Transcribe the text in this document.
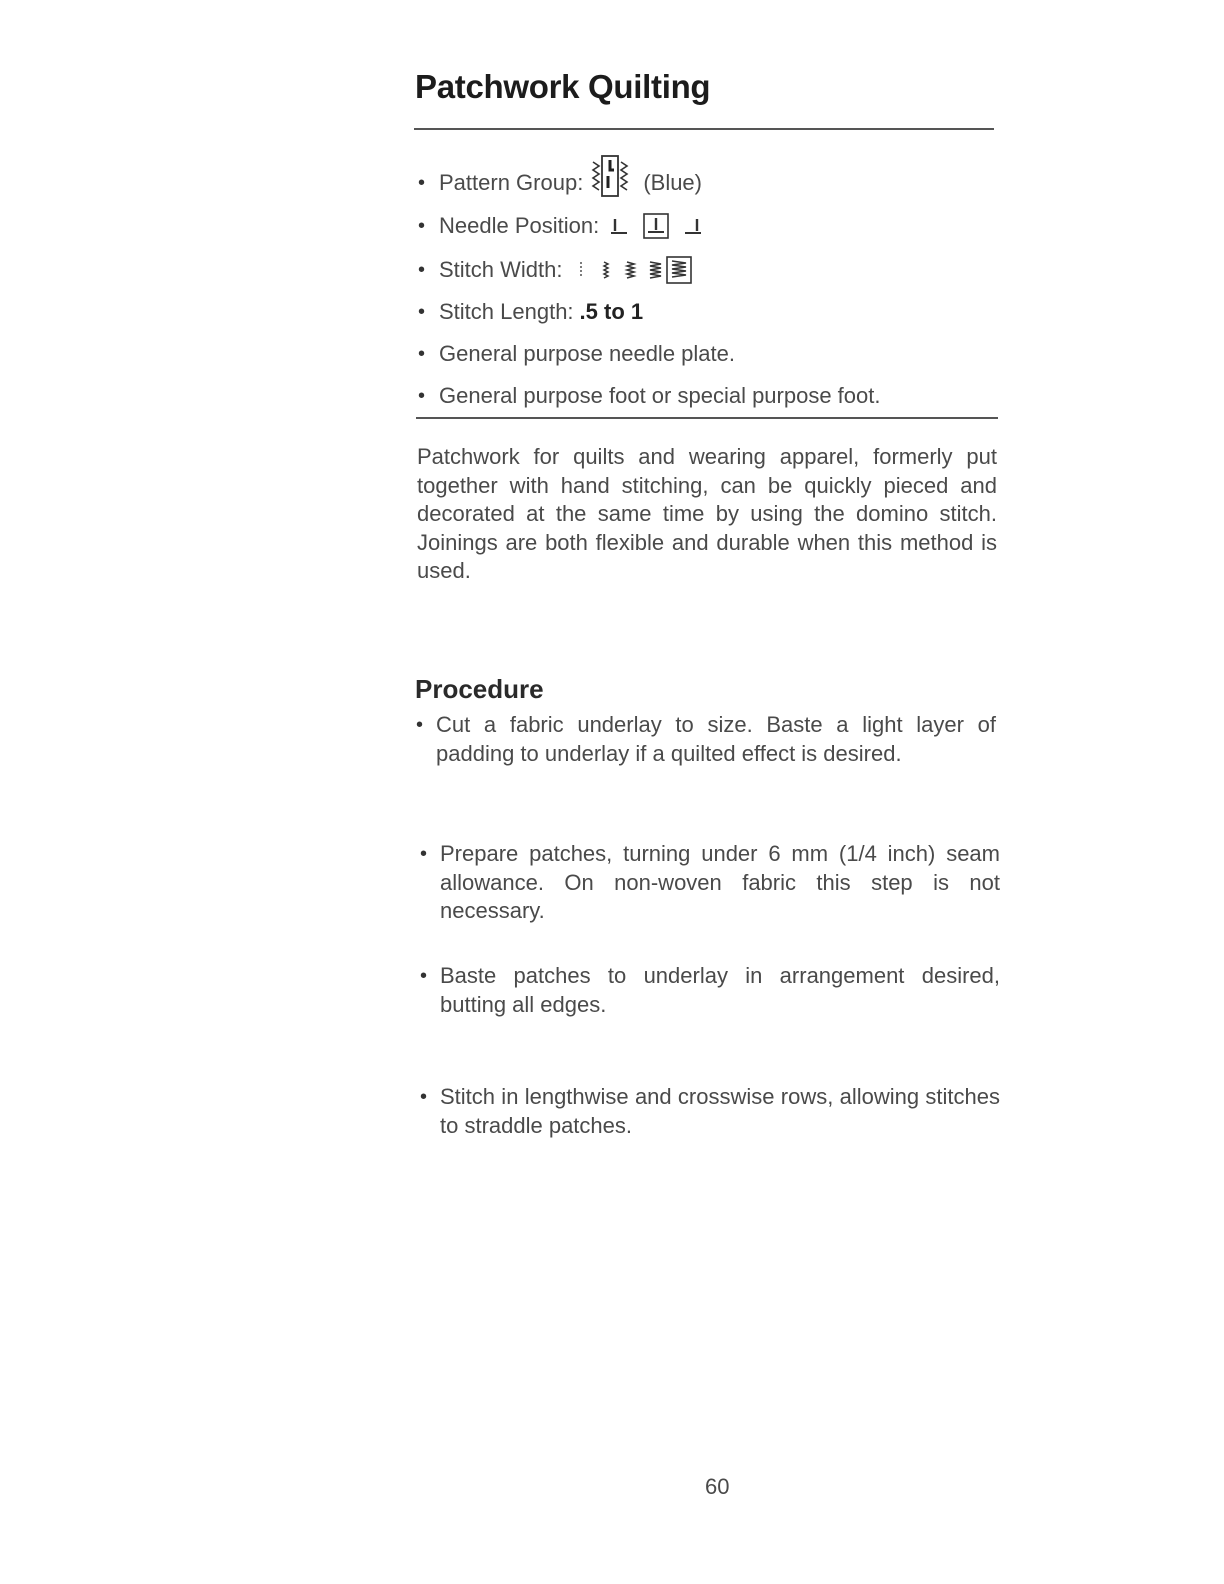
Patchwork Quilting
• Pattern Group:	(Blue)
• Needle Position:
• Stitch Width:
• Stitch Length: .5 to 1
• General purpose needle plate.
• General purpose foot or special purpose foot.

Patchwork for quilts and wearing apparel, formerly put together with hand stitching, can be quickly pieced and decorated at the same time by using the domino stitch. Joinings are both flexible and durable when this method is used.

Procedure
• Cut a fabric underlay to size. Baste a light layer of padding to underlay if a quilted effect is desired.
• Prepare patches, turning under 6 mm (1/4 inch) seam allowance. On non-woven fabric this step is not necessary.
• Baste patches to underlay in arrangement desired, butting all edges.
• Stitch in lengthwise and crosswise rows, allowing stitches to straddle patches.
60
